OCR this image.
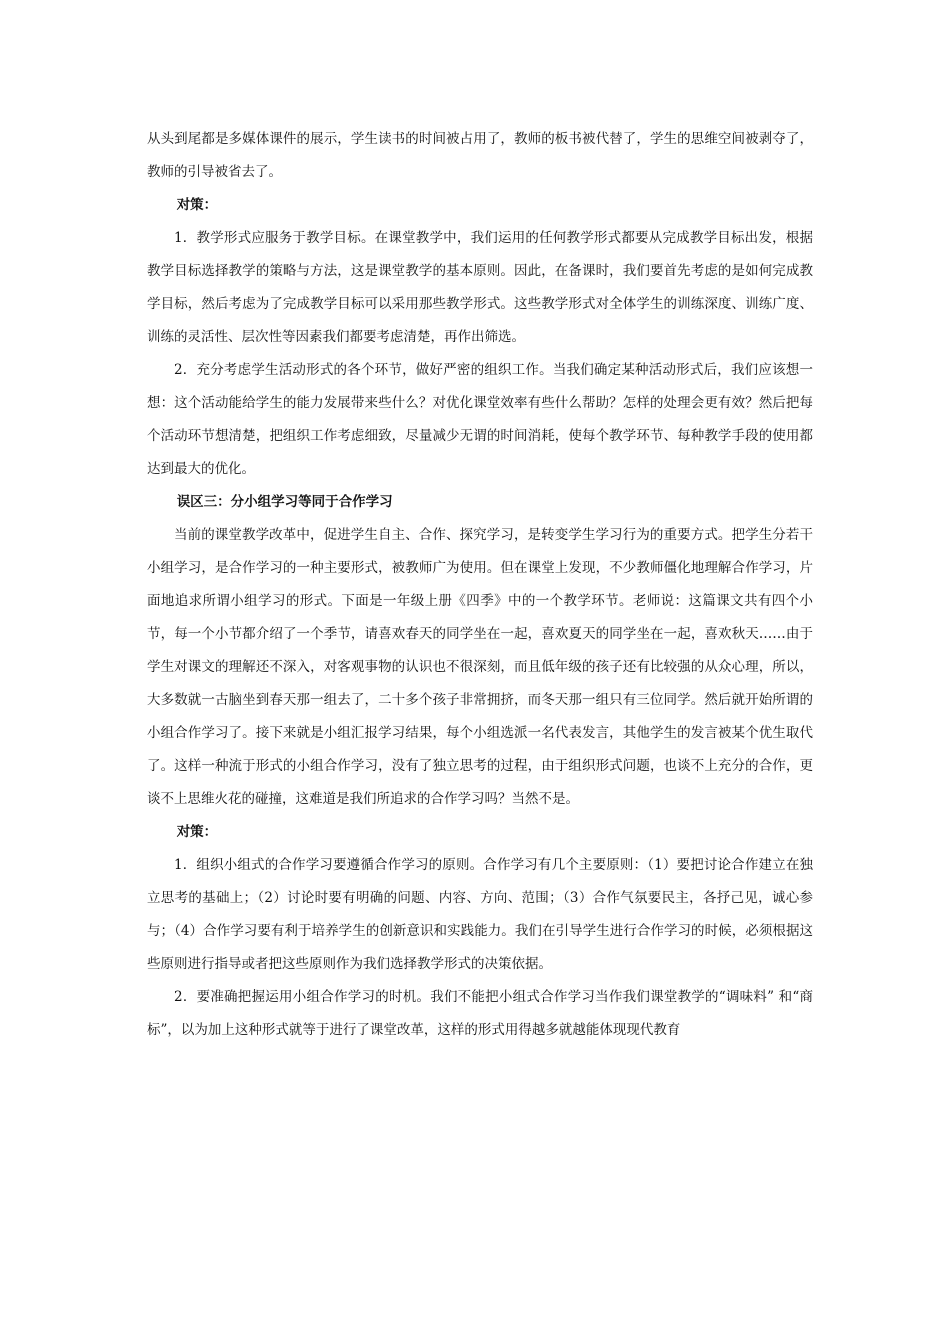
从头到尾都是多媒体课件的展示，学生读书的时间被占用了，教师的板书被代替了，学生的思维空间被剥夺了，教师的引导被省去了。

对策：

1．教学形式应服务于教学目标。在课堂教学中，我们运用的任何教学形式都要从完成教学目标出发，根据教学目标选择教学的策略与方法，这是课堂教学的基本原则。因此，在备课时，我们要首先考虑的是如何完成教学目标，然后考虑为了完成教学目标可以采用那些教学形式。这些教学形式对全体学生的训练深度、训练广度、训练的灵活性、层次性等因素我们都要考虑清楚，再作出筛选。

2．充分考虑学生活动形式的各个环节，做好严密的组织工作。当我们确定某种活动形式后，我们应该想一想：这个活动能给学生的能力发展带来些什么？对优化课堂效率有些什么帮助？怎样的处理会更有效？然后把每个活动环节想清楚，把组织工作考虑细致，尽量减少无谓的时间消耗，使每个教学环节、每种教学手段的使用都达到最大的优化。

误区三：分小组学习等同于合作学习

当前的课堂教学改革中，促进学生自主、合作、探究学习，是转变学生学习行为的重要方式。把学生分若干小组学习，是合作学习的一种主要形式，被教师广为使用。但在课堂上发现，不少教师僵化地理解合作学习，片面地追求所谓小组学习的形式。下面是一年级上册《四季》中的一个教学环节。老师说：这篇课文共有四个小节，每一个小节都介绍了一个季节，请喜欢春天的同学坐在一起，喜欢夏天的同学坐在一起，喜欢秋天……由于学生对课文的理解还不深入，对客观事物的认识也不很深刻，而且低年级的孩子还有比较强的从众心理，所以，大多数就一古脑坐到春天那一组去了，二十多个孩子非常拥挤，而冬天那一组只有三位同学。然后就开始所谓的小组合作学习了。接下来就是小组汇报学习结果，每个小组选派一名代表发言，其他学生的发言被某个优生取代了。这样一种流于形式的小组合作学习，没有了独立思考的过程，由于组织形式问题，也谈不上充分的合作，更谈不上思维火花的碰撞，这难道是我们所追求的合作学习吗？当然不是。

对策：

1．组织小组式的合作学习要遵循合作学习的原则。合作学习有几个主要原则：（1）要把讨论合作建立在独立思考的基础上；（2）讨论时要有明确的问题、内容、方向、范围；（3）合作气氛要民主，各抒己见，诚心参与；（4）合作学习要有利于培养学生的创新意识和实践能力。我们在引导学生进行合作学习的时候，必须根据这些原则进行指导或者把这些原则作为我们选择教学形式的决策依据。

2．要准确把握运用小组合作学习的时机。我们不能把小组式合作学习当作我们课堂教学的“调味料” 和“商标”，以为加上这种形式就等于进行了课堂改革，这样的形式用得越多就越能体现现代教育
